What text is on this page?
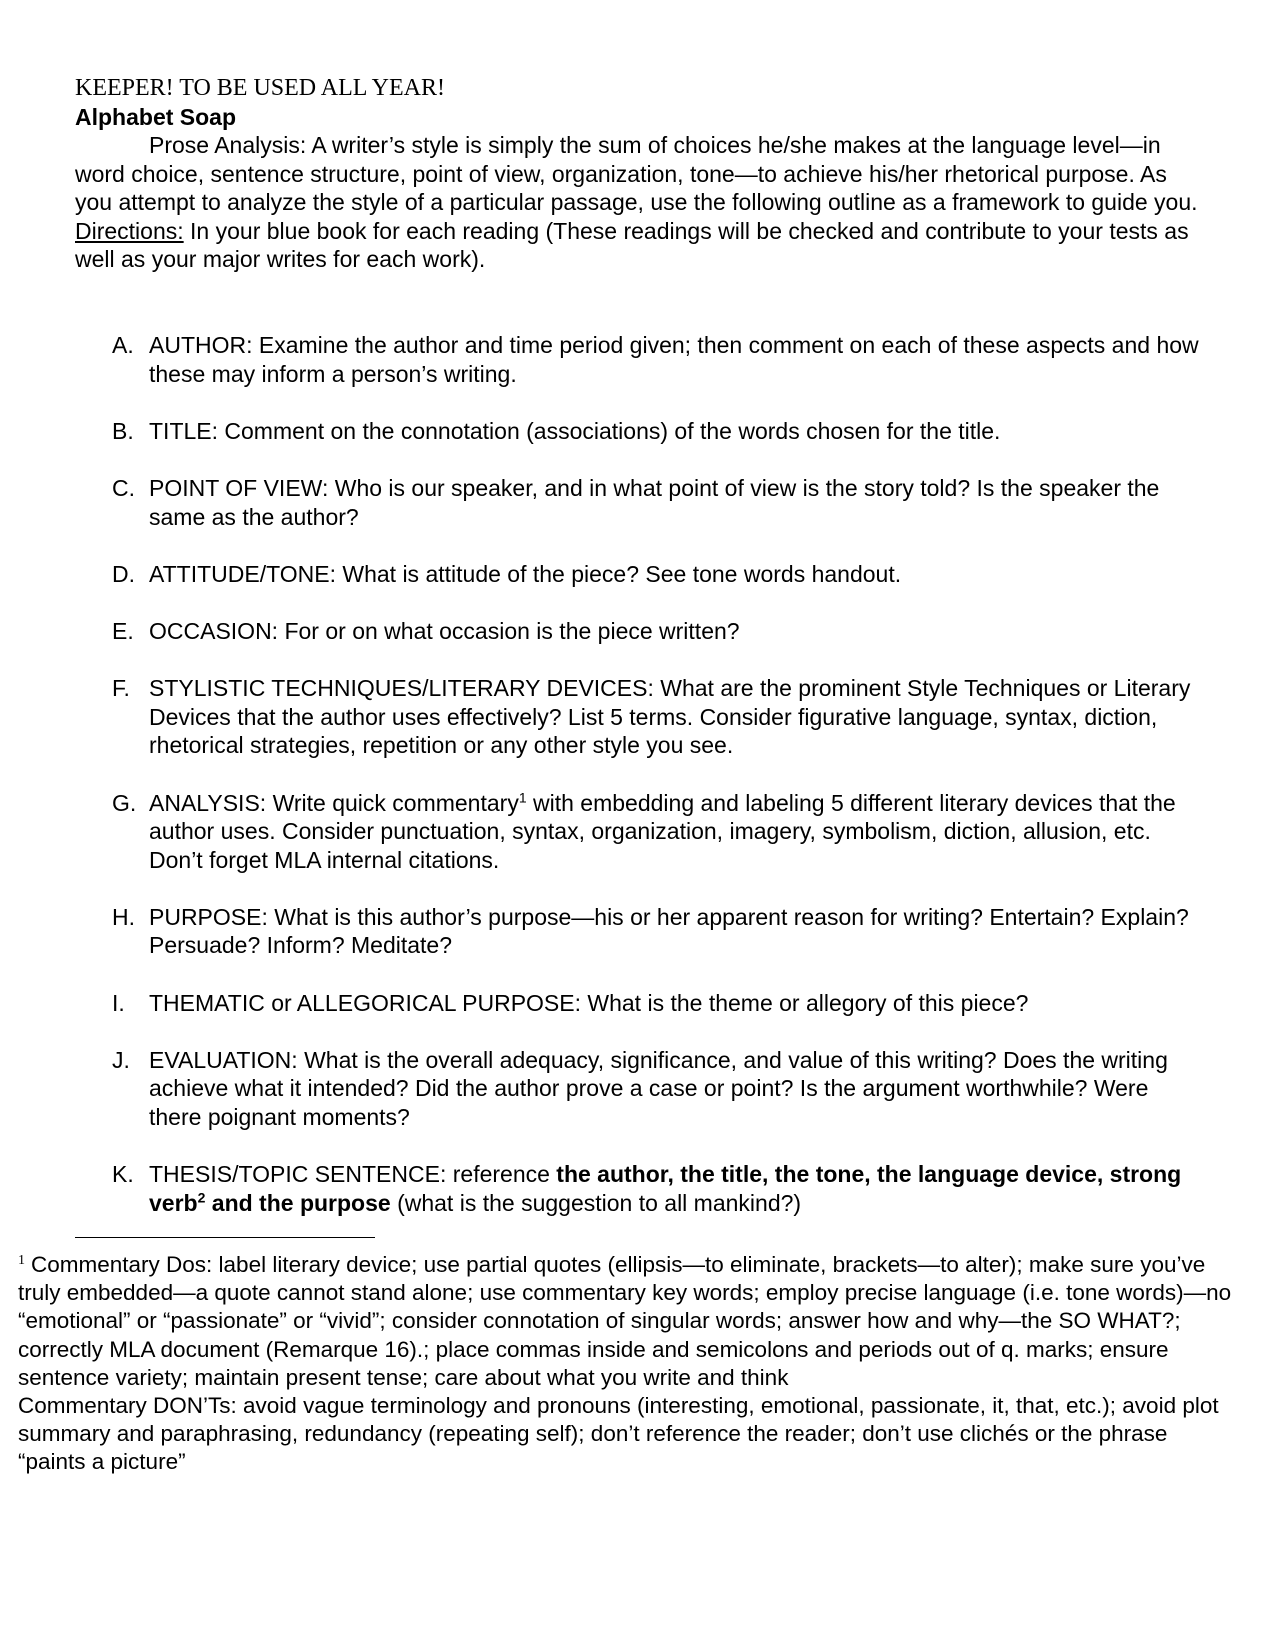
KEEPER! TO BE USED ALL YEAR!
Alphabet Soap

Prose Analysis: A writer’s style is simply the sum of choices he/she makes at the language level—in word choice, sentence structure, point of view, organization, tone—to achieve his/her rhetorical purpose. As you attempt to analyze the style of a particular passage, use the following outline as a framework to guide you.

Directions: In your blue book for each reading (These readings will be checked and contribute to your tests as well as your major writes for each work).

A. AUTHOR: Examine the author and time period given; then comment on each of these aspects and how these may inform a person’s writing.
B. TITLE: Comment on the connotation (associations) of the words chosen for the title.
C. POINT OF VIEW: Who is our speaker, and in what point of view is the story told? Is the speaker the same as the author?
D. ATTITUDE/TONE: What is attitude of the piece? See tone words handout.
E. OCCASION: For or on what occasion is the piece written?
F. STYLISTIC TECHNIQUES/LITERARY DEVICES: What are the prominent Style Techniques or Literary Devices that the author uses effectively? List 5 terms. Consider figurative language, syntax, diction, rhetorical strategies, repetition or any other style you see.
G. ANALYSIS: Write quick commentary$^1$ with embedding and labeling 5 different literary devices that the author uses. Consider punctuation, syntax, organization, imagery, symbolism, diction, allusion, etc. Don’t forget MLA internal citations.
H. PURPOSE: What is this author’s purpose—his or her apparent reason for writing? Entertain? Explain? Persuade? Inform? Meditate?
I. THEMATIC or ALLEGORICAL PURPOSE: What is the theme or allegory of this piece?
J. EVALUATION: What is the overall adequacy, significance, and value of this writing? Does the writing achieve what it intended? Did the author prove a case or point? Is the argument worthwhile? Were there poignant moments?
K. THESIS/TOPIC SENTENCE: reference the author, the title, the tone, the language device, strong verb$^2$ and the purpose (what is the suggestion to all mankind?)

$^1$ Commentary Dos: label literary device; use partial quotes (ellipsis—to eliminate, brackets—to alter); make sure you’ve truly embedded—a quote cannot stand alone; use commentary key words; employ precise language (i.e. tone words)—no “emotional” or “passionate” or “vivid”; consider connotation of singular words; answer how and why—the SO WHAT?; correctly MLA document (Remarque 16).; place commas inside and semicolons and periods out of q. marks; ensure sentence variety; maintain present tense; care about what you write and think

Commentary DON’Ts: avoid vague terminology and pronouns (interesting, emotional, passionate, it, that, etc.); avoid plot summary and paraphrasing, redundancy (repeating self); don’t reference the reader; don’t use clichés or the phrase “paints a picture”
